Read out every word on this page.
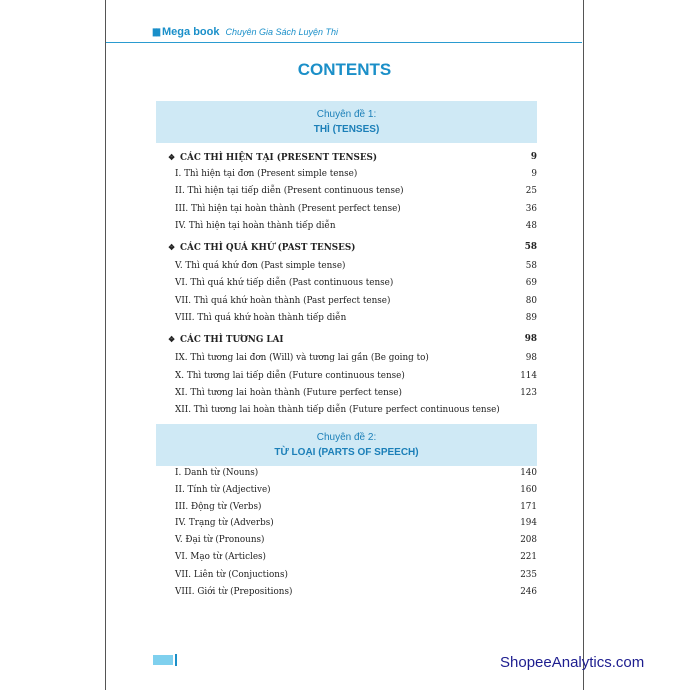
▮▮ Mega book Chuyên Gia Sách Luyện Thi
CONTENTS
Chuyên đề 1:
THÌ (TENSES)
❖ CÁC THÌ HIỆN TẠI (PRESENT TENSES)	9
I. Thì hiện tại đơn (Present simple tense)	9
II. Thì hiện tại tiếp diễn (Present continuous tense)	25
III. Thì hiện tại hoàn thành (Present perfect tense)	36
IV. Thì hiện tại hoàn thành tiếp diễn	48
❖ CÁC THÌ QUÁ KHỨ (PAST TENSES)	58
V. Thì quá khứ đơn (Past simple tense)	58
VI. Thì quá khứ tiếp diễn (Past continuous tense)	69
VII. Thì quá khứ hoàn thành (Past perfect tense)	80
VIII. Thì quá khứ hoàn thành tiếp diễn	89
❖ CÁC THÌ TƯƠNG LAI	98
IX. Thì tương lai đơn (Will) và tương lai gần (Be going to)	98
X. Thì tương lai tiếp diễn (Future continuous tense)	114
XI. Thì tương lai hoàn thành (Future perfect tense)	123
XII. Thì tương lai hoàn thành tiếp diễn (Future perfect continuous tense)
Chuyên đề 2:
TỪ LOẠI (PARTS OF SPEECH)
I. Danh từ (Nouns)	140
II. Tính từ (Adjective)	160
III. Động từ (Verbs)	171
IV. Trạng từ (Adverbs)	194
V. Đại từ (Pronouns)	208
VI. Mạo từ (Articles)	221
VII. Liên từ (Conjuctions)	235
VIII. Giới từ (Prepositions)	246
ShopeeAnalytics.com
